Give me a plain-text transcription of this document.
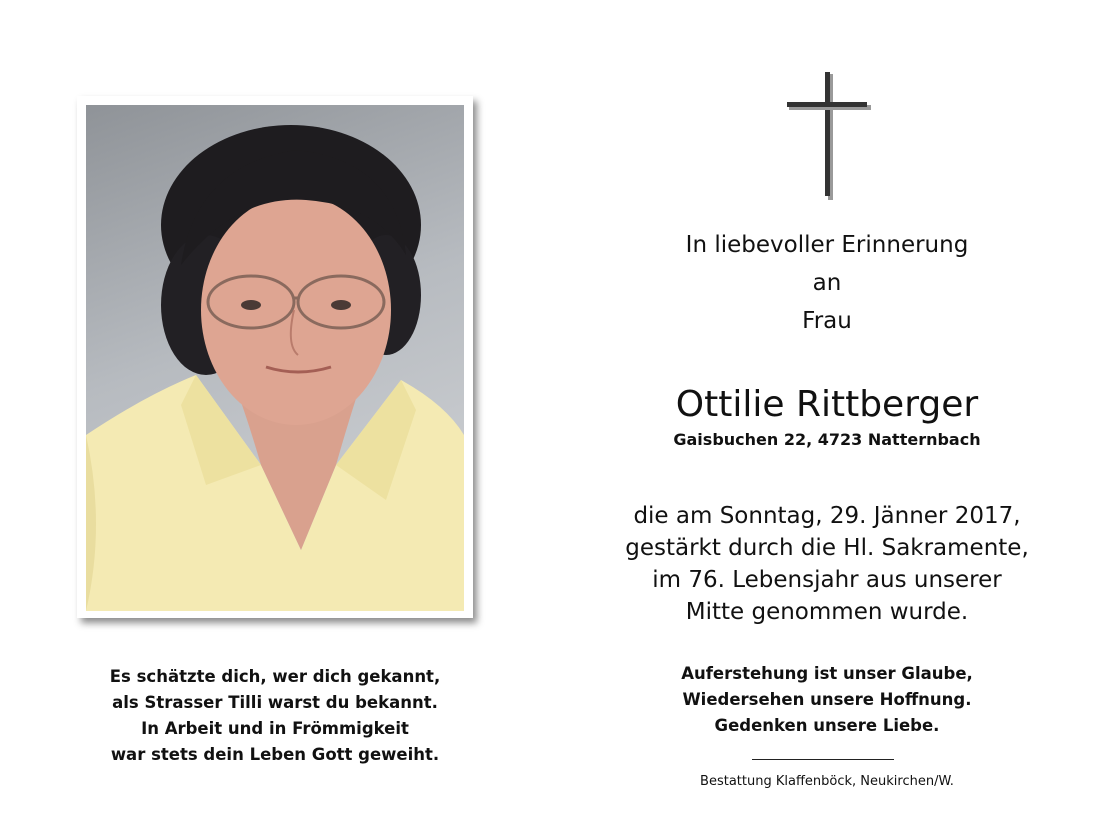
In liebevoller Erinnerung
an
Frau
Ottilie Rittberger
Gaisbuchen 22, 4723 Natternbach
die am Sonntag, 29. Jänner 2017,
gestärkt durch die Hl. Sakramente,
im 76. Lebensjahr aus unserer
Mitte genommen wurde.
Auferstehung ist unser Glaube,
Wiedersehen unsere Hoffnung.
Gedenken unsere Liebe.
Bestattung Klaffenböck, Neukirchen/W.
Es schätzte dich, wer dich gekannt,
als Strasser Tilli warst du bekannt.
In Arbeit und in Frömmigkeit
war stets dein Leben Gott geweiht.
